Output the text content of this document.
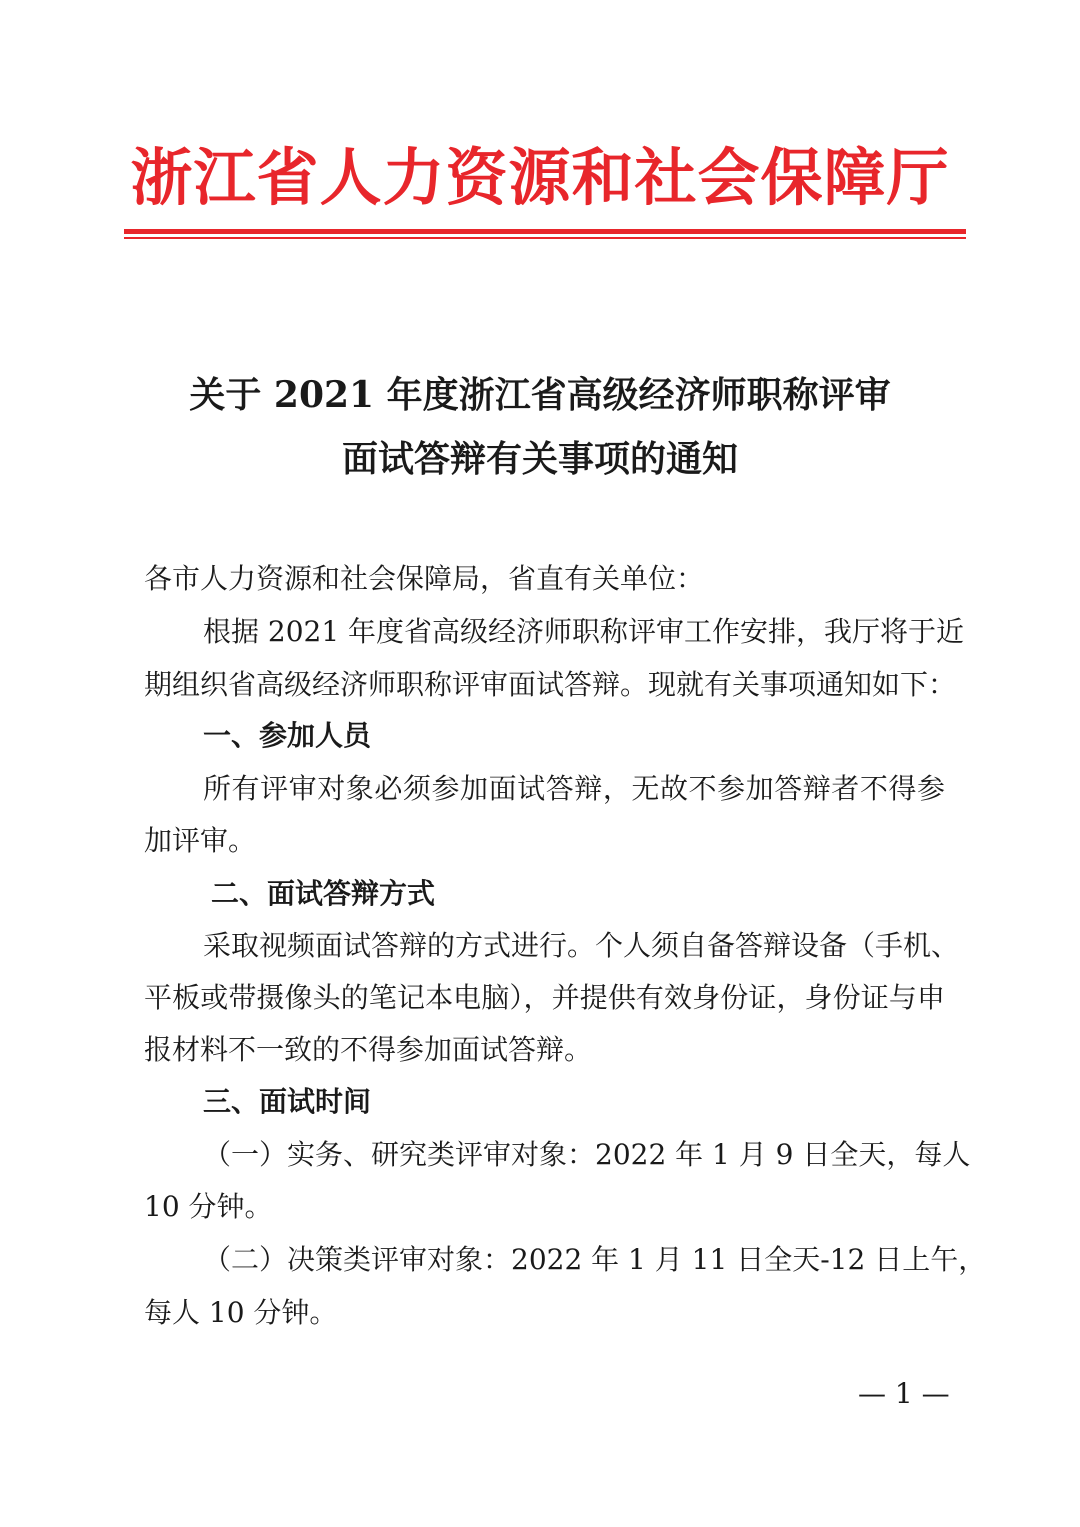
浙江省人力资源和社会保障厅
关于 2021 年度浙江省高级经济师职称评审
面试答辩有关事项的通知
各市人力资源和社会保障局，省直有关单位：
根据 2021 年度省高级经济师职称评审工作安排，我厅将于近
期组织省高级经济师职称评审面试答辩。现就有关事项通知如下：
一、参加人员
所有评审对象必须参加面试答辩，无故不参加答辩者不得参
加评审。
二、面试答辩方式
采取视频面试答辩的方式进行。个人须自备答辩设备（手机、
平板或带摄像头的笔记本电脑），并提供有效身份证，身份证与申
报材料不一致的不得参加面试答辩。
三、面试时间
（一）实务、研究类评审对象：2022 年 1 月 9 日全天，每人
10 分钟。
（二）决策类评审对象：2022 年 1 月 11 日全天-12 日上午，
每人 10 分钟。
— 1 —
